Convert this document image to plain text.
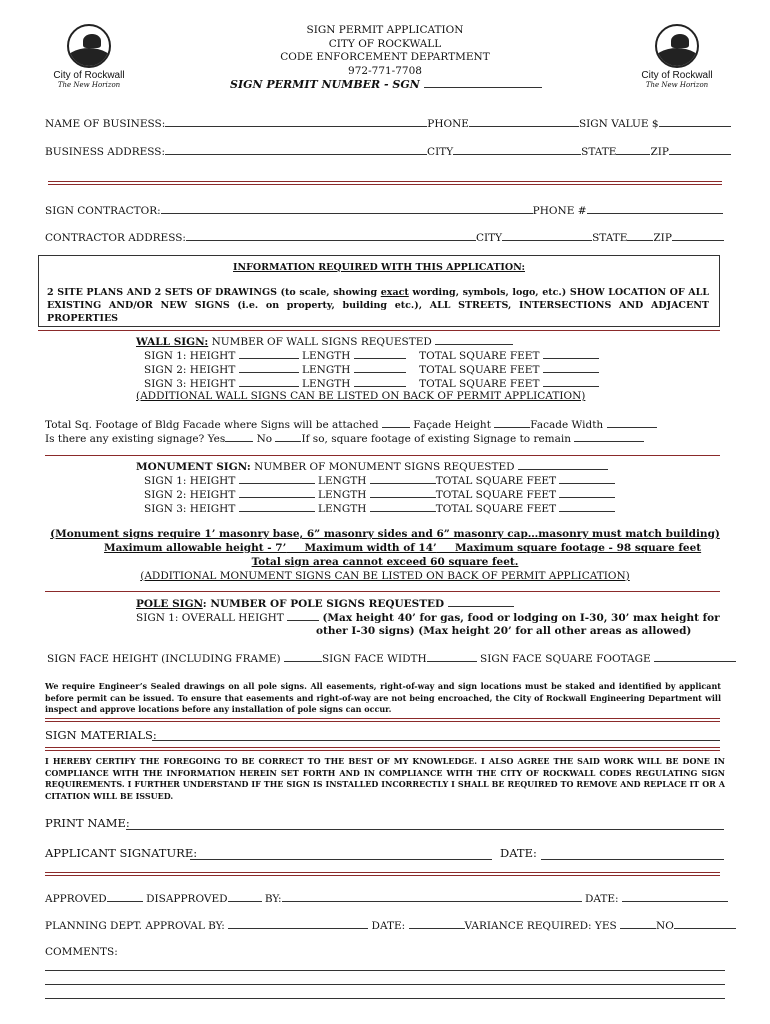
City of Rockwall
The New Horizon
City of Rockwall
The New Horizon
SIGN PERMIT APPLICATION
CITY OF ROCKWALL
CODE ENFORCEMENT DEPARTMENT
972-771-7708
SIGN PERMIT NUMBER - SGN
NAME OF BUSINESS:	PHONE	SIGN VALUE $
BUSINESS ADDRESS:	CITY	STATE	ZIP
SIGN CONTRACTOR:	PHONE #
CONTRACTOR ADDRESS:	CITY	STATE ZIP
INFORMATION REQUIRED WITH THIS APPLICATION:
2 SITE PLANS AND 2 SETS OF DRAWINGS (to scale, showing exact wording, symbols, logo, etc.) SHOW LOCATION OF ALL EXISTING AND/OR NEW SIGNS (i.e. on property, building etc.), ALL STREETS, INTERSECTIONS AND ADJACENT PROPERTIES
WALL SIGN: NUMBER OF WALL SIGNS REQUESTED
SIGN 1: HEIGHT	LENGTH	TOTAL SQUARE FEET
SIGN 2: HEIGHT	LENGTH	TOTAL SQUARE FEET
SIGN 3: HEIGHT	LENGTH	TOTAL SQUARE FEET
(ADDITIONAL WALL SIGNS CAN BE LISTED ON BACK OF PERMIT APPLICATION)
Total Sq. Footage of Bldg Facade where Signs will be attached	Façade Height	Facade Width
Is there any existing signage? Yes	No	If so, square footage of existing Signage to remain
MONUMENT SIGN: NUMBER OF MONUMENT SIGNS REQUESTED
SIGN 1: HEIGHT	LENGTH	TOTAL SQUARE FEET
SIGN 2: HEIGHT	LENGTH	TOTAL SQUARE FEET
SIGN 3: HEIGHT	LENGTH	TOTAL SQUARE FEET
(Monument signs require 1’ masonry base, 6” masonry sides and 6” masonry cap…masonry must match building)
Maximum allowable height - 7’ Maximum width of 14’ Maximum square footage - 98 square feet
Total sign area cannot exceed 60 square feet.
(ADDITIONAL MONUMENT SIGNS CAN BE LISTED ON BACK OF PERMIT APPLICATION)
POLE SIGN: NUMBER OF POLE SIGNS REQUESTED
SIGN 1: OVERALL HEIGHT	(Max height 40’ for gas, food or lodging on I-30, 30’ max height for
other I-30 signs) (Max height 20’ for all other areas as allowed)
SIGN FACE HEIGHT (INCLUDING FRAME)	SIGN FACE WIDTH	SIGN FACE SQUARE FOOTAGE
We require Engineer’s Sealed drawings on all pole signs. All easements, right-of-way and sign locations must be staked and identified by applicant before permit can be issued. To ensure that easements and right-of-way are not being encroached, the City of Rockwall Engineering Department will inspect and approve locations before any installation of pole signs can occur.
SIGN MATERIALS:
I HEREBY CERTIFY THE FOREGOING TO BE CORRECT TO THE BEST OF MY KNOWLEDGE. I ALSO AGREE THE SAID WORK WILL BE DONE IN COMPLIANCE WITH THE INFORMATION HEREIN SET FORTH AND IN COMPLIANCE WITH THE CITY OF ROCKWALL CODES REGULATING SIGN REQUIREMENTS. I FURTHER UNDERSTAND IF THE SIGN IS INSTALLED INCORRECTLY I SHALL BE REQUIRED TO REMOVE AND REPLACE IT OR A CITATION WILL BE ISSUED.
PRINT NAME:
APPLICANT SIGNATURE:	DATE:
APPROVED	DISAPPROVED	BY:	DATE:
PLANNING DEPT. APPROVAL BY:	DATE:	VARIANCE REQUIRED: YES	NO
COMMENTS:
